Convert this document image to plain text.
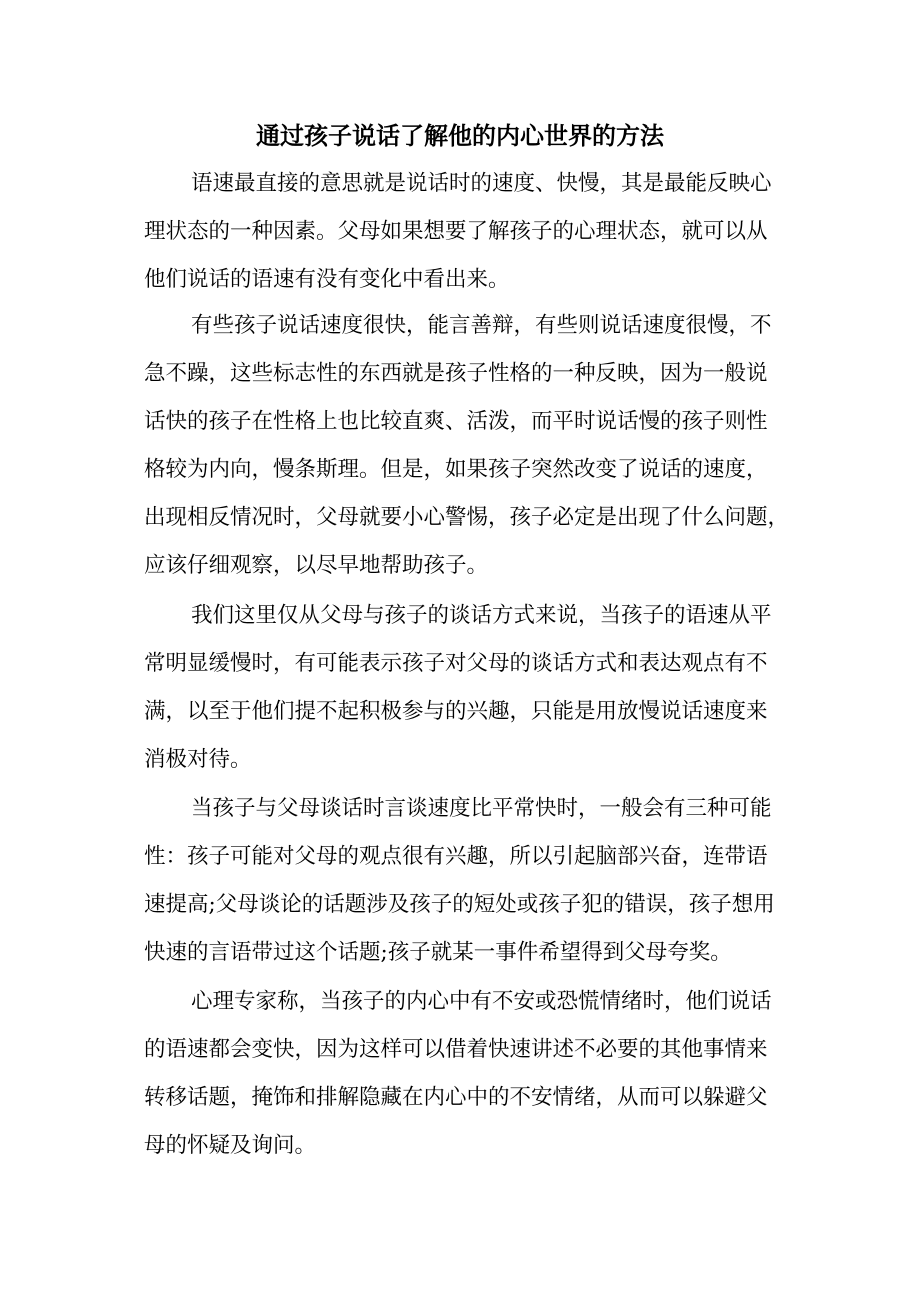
通过孩子说话了解他的内心世界的方法

语速最直接的意思就是说话时的速度、快慢，其是最能反映心
理状态的一种因素。父母如果想要了解孩子的心理状态，就可以从
他们说话的语速有没有变化中看出来。

有些孩子说话速度很快，能言善辩，有些则说话速度很慢，不
急不躁，这些标志性的东西就是孩子性格的一种反映，因为一般说
话快的孩子在性格上也比较直爽、活泼，而平时说话慢的孩子则性
格较为内向，慢条斯理。但是，如果孩子突然改变了说话的速度，
出现相反情况时，父母就要小心警惕，孩子必定是出现了什么问题，
应该仔细观察，以尽早地帮助孩子。

我们这里仅从父母与孩子的谈话方式来说，当孩子的语速从平
常明显缓慢时，有可能表示孩子对父母的谈话方式和表达观点有不
满，以至于他们提不起积极参与的兴趣，只能是用放慢说话速度来
消极对待。

当孩子与父母谈话时言谈速度比平常快时，一般会有三种可能
性：孩子可能对父母的观点很有兴趣，所以引起脑部兴奋，连带语
速提高;父母谈论的话题涉及孩子的短处或孩子犯的错误，孩子想用
快速的言语带过这个话题;孩子就某一事件希望得到父母夸奖。

心理专家称，当孩子的内心中有不安或恐慌情绪时，他们说话
的语速都会变快，因为这样可以借着快速讲述不必要的其他事情来
转移话题，掩饰和排解隐藏在内心中的不安情绪，从而可以躲避父
母的怀疑及询问。
